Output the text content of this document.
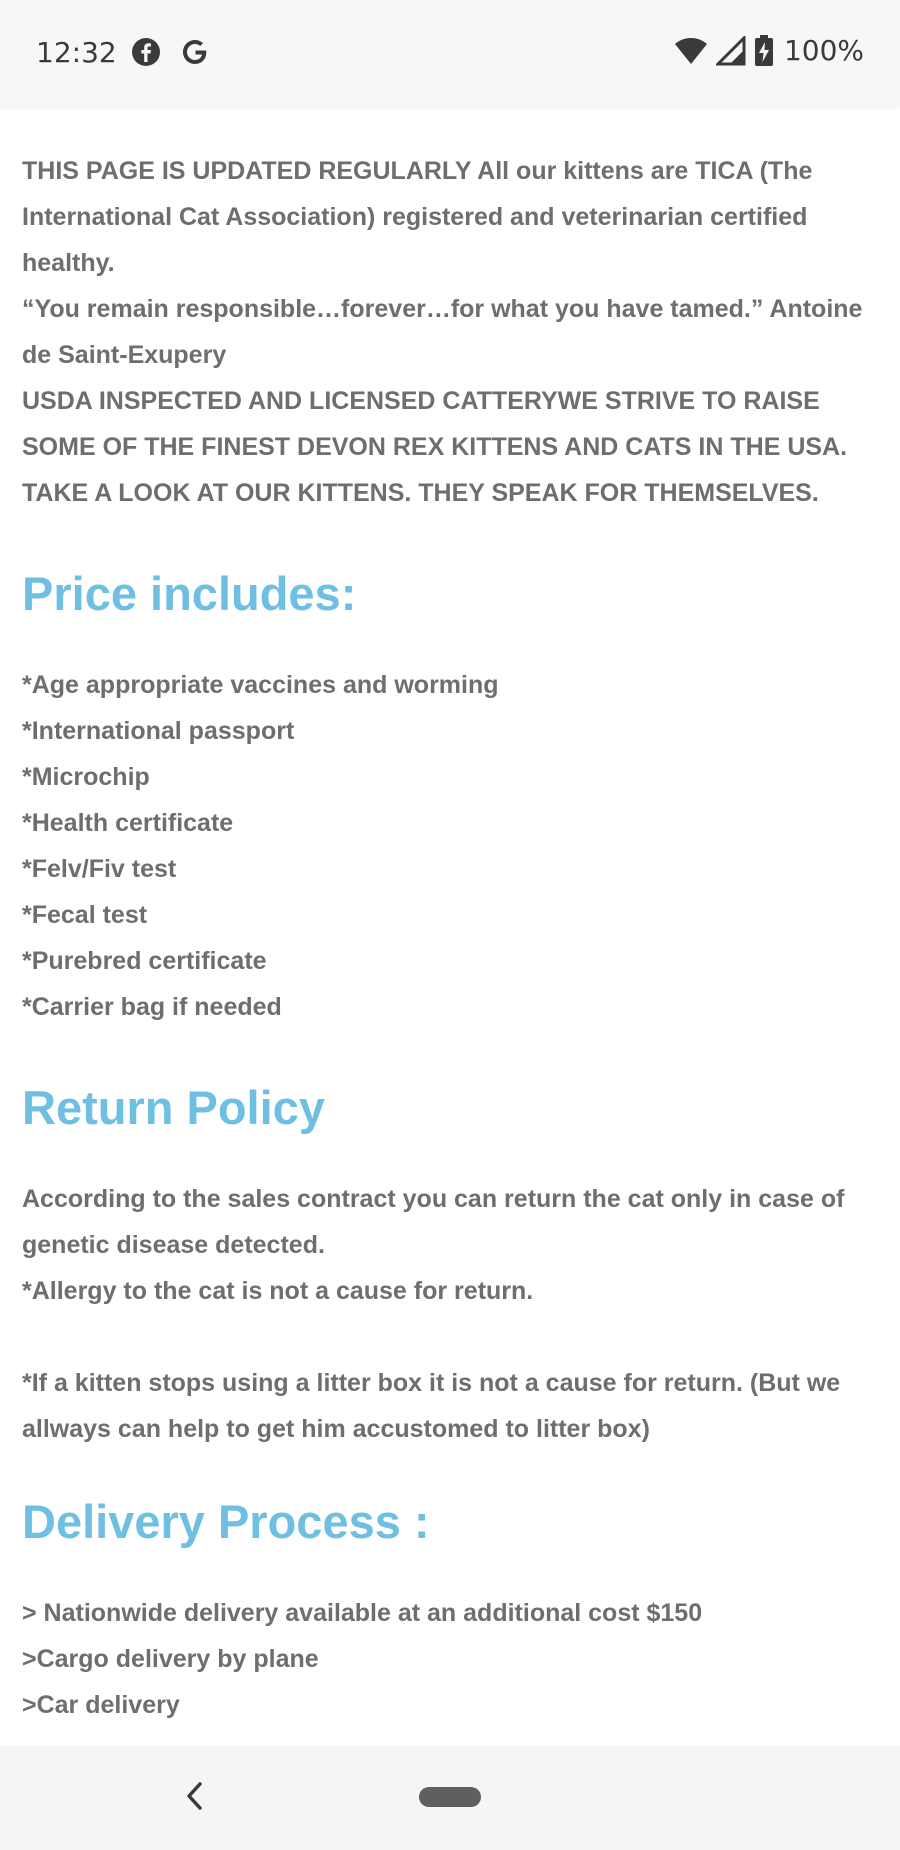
12:32	100%

THIS PAGE IS UPDATED REGULARLY All our kittens are TICA (The International Cat Association) registered and veterinarian certified healthy.

“You remain responsible…forever…for what you have tamed.” Antoine de Saint-Exupery

USDA INSPECTED AND LICENSED CATTERYWE STRIVE TO RAISE SOME OF THE FINEST DEVON REX KITTENS AND CATS IN THE USA. TAKE A LOOK AT OUR KITTENS. THEY SPEAK FOR THEMSELVES.

Price includes:
*Age appropriate vaccines and worming
*International passport
*Microchip
*Health certificate
*Felv/Fiv test
*Fecal test
*Purebred certificate
*Carrier bag if needed
Return Policy

According to the sales contract you can return the cat only in case of genetic disease detected.

*Allergy to the cat is not a cause for return.

*If a kitten stops using a litter box it is not a cause for return. (But we allways can help to get him accustomed to litter box)

Delivery Process :
> Nationwide delivery available at an additional cost $150
>Cargo delivery by plane
>Car delivery
